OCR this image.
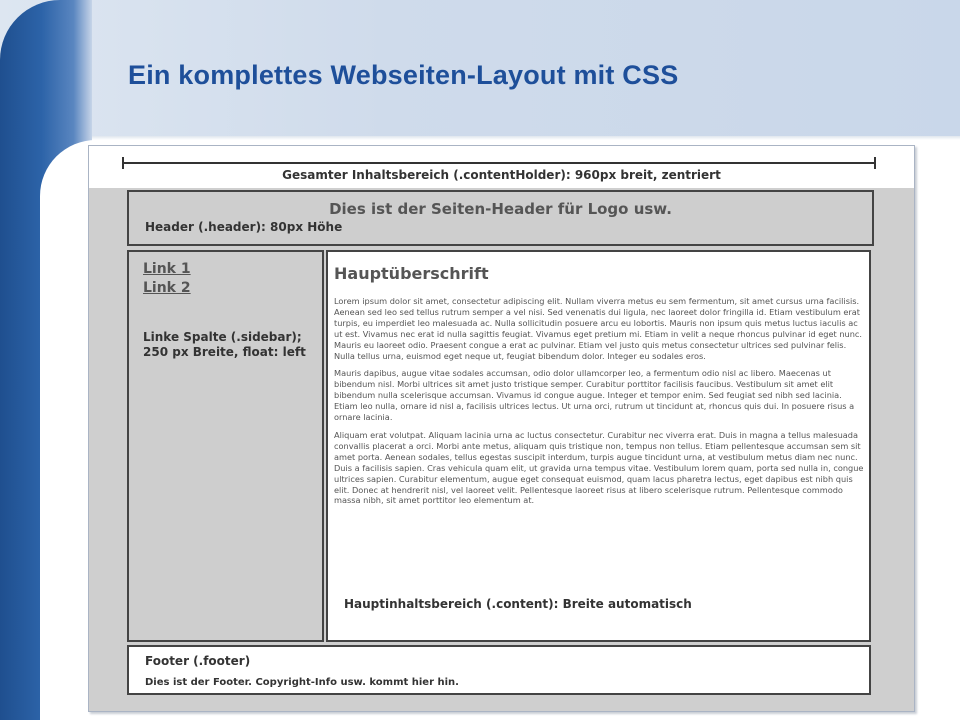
Ein komplettes Webseiten-Layout mit CSS
Gesamter Inhaltsbereich (.contentHolder): 960px breit, zentriert
Dies ist der Seiten-Header für Logo usw.
Header (.header): 80px Höhe
Link 1
Link 2
Linke Spalte (.sidebar); 250 px Breite, float: left
Hauptüberschrift

Lorem ipsum dolor sit amet, consectetur adipiscing elit. Nullam viverra metus eu sem fermentum, sit amet cursus urna facilisis. Aenean sed leo sed tellus rutrum semper a vel nisi. Sed venenatis dui ligula, nec laoreet dolor fringilla id. Etiam vestibulum erat turpis, eu imperdiet leo malesuada ac. Nulla sollicitudin posuere arcu eu lobortis. Mauris non ipsum quis metus luctus iaculis ac ut est. Vivamus nec erat id nulla sagittis feugiat. Vivamus eget pretium mi. Etiam in velit a neque rhoncus pulvinar id eget nunc. Mauris eu laoreet odio. Praesent congue a erat ac pulvinar. Etiam vel justo quis metus consectetur ultrices sed pulvinar felis. Nulla tellus urna, euismod eget neque ut, feugiat bibendum dolor. Integer eu sodales eros.

Mauris dapibus, augue vitae sodales accumsan, odio dolor ullamcorper leo, a fermentum odio nisl ac libero. Maecenas ut bibendum nisl. Morbi ultrices sit amet justo tristique semper. Curabitur porttitor facilisis faucibus. Vestibulum sit amet elit bibendum nulla scelerisque accumsan. Vivamus id congue augue. Integer et tempor enim. Sed feugiat sed nibh sed lacinia. Etiam leo nulla, ornare id nisl a, facilisis ultrices lectus. Ut urna orci, rutrum ut tincidunt at, rhoncus quis dui. In posuere risus a ornare lacinia.

Aliquam erat volutpat. Aliquam lacinia urna ac luctus consectetur. Curabitur nec viverra erat. Duis in magna a tellus malesuada convallis placerat a orci. Morbi ante metus, aliquam quis tristique non, tempus non tellus. Etiam pellentesque accumsan sem sit amet porta. Aenean sodales, tellus egestas suscipit interdum, turpis augue tincidunt urna, at vestibulum metus diam nec nunc. Duis a facilisis sapien. Cras vehicula quam elit, ut gravida urna tempus vitae. Vestibulum lorem quam, porta sed nulla in, congue ultrices sapien. Curabitur elementum, augue eget consequat euismod, quam lacus pharetra lectus, eget dapibus est nibh quis elit. Donec at hendrerit nisl, vel laoreet velit. Pellentesque laoreet risus at libero scelerisque rutrum. Pellentesque commodo massa nibh, sit amet porttitor leo elementum at.

Hauptinhaltsbereich (.content): Breite automatisch
Footer (.footer)
Dies ist der Footer. Copyright-Info usw. kommt hier hin.
